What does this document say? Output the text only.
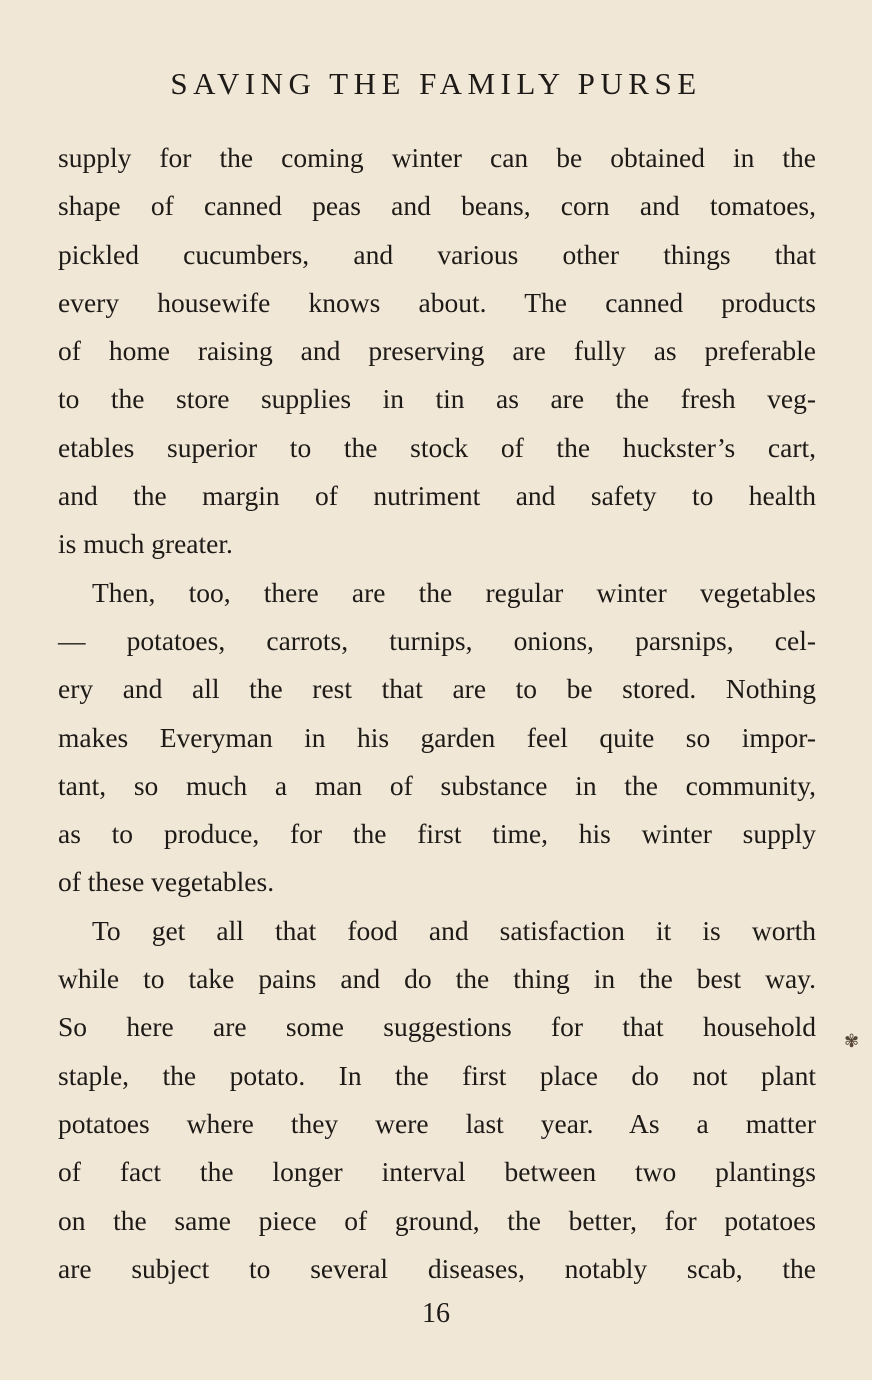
SAVING THE FAMILY PURSE
supply for the coming winter can be obtained in the
shape of canned peas and beans, corn and tomatoes,
pickled cucumbers, and various other things that
every housewife knows about. The canned products
of home raising and preserving are fully as preferable
to the store supplies in tin as are the fresh veg-
etables superior to the stock of the huckster’s cart,
and the margin of nutriment and safety to health
is much greater.
Then, too, there are the regular winter vegetables
— potatoes, carrots, turnips, onions, parsnips, cel-
ery and all the rest that are to be stored. Nothing
makes Everyman in his garden feel quite so impor-
tant, so much a man of substance in the community,
as to produce, for the first time, his winter supply
of these vegetables.
To get all that food and satisfaction it is worth
while to take pains and do the thing in the best way.
So here are some suggestions for that household
staple, the potato. In the first place do not plant
potatoes where they were last year. As a matter
of fact the longer interval between two plantings
on the same piece of ground, the better, for potatoes
are subject to several diseases, notably scab, the
✾
16
